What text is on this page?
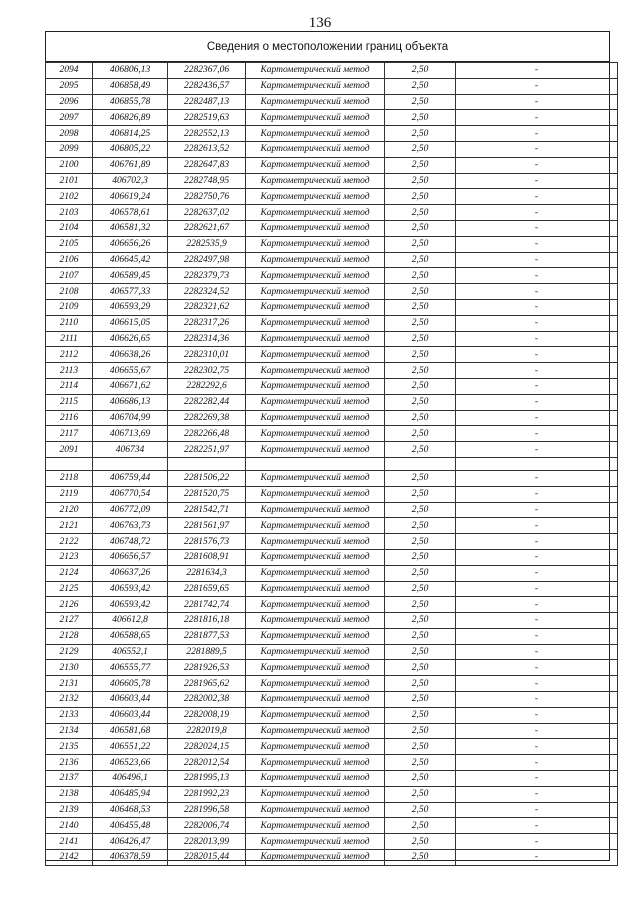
136
Сведения о местоположении границ объекта
2094	406806,13	2282367,06	Картометрический метод	2,50	-
2095	406858,49	2282436,57	Картометрический метод	2,50	-
2096	406855,78	2282487,13	Картометрический метод	2,50	-
2097	406826,89	2282519,63	Картометрический метод	2,50	-
2098	406814,25	2282552,13	Картометрический метод	2,50	-
2099	406805,22	2282613,52	Картометрический метод	2,50	-
2100	406761,89	2282647,83	Картометрический метод	2,50	-
2101	406702,3	2282748,95	Картометрический метод	2,50	-
2102	406619,24	2282750,76	Картометрический метод	2,50	-
2103	406578,61	2282637,02	Картометрический метод	2,50	-
2104	406581,32	2282621,67	Картометрический метод	2,50	-
2105	406656,26	2282535,9	Картометрический метод	2,50	-
2106	406645,42	2282497,98	Картометрический метод	2,50	-
2107	406589,45	2282379,73	Картометрический метод	2,50	-
2108	406577,33	2282324,52	Картометрический метод	2,50	-
2109	406593,29	2282321,62	Картометрический метод	2,50	-
2110	406615,05	2282317,26	Картометрический метод	2,50	-
2111	406626,65	2282314,36	Картометрический метод	2,50	-
2112	406638,26	2282310,01	Картометрический метод	2,50	-
2113	406655,67	2282302,75	Картометрический метод	2,50	-
2114	406671,62	2282292,6	Картометрический метод	2,50	-
2115	406686,13	2282282,44	Картометрический метод	2,50	-
2116	406704,99	2282269,38	Картометрический метод	2,50	-
2117	406713,69	2282266,48	Картометрический метод	2,50	-
2091	406734	2282251,97	Картометрический метод	2,50	-

2118	406759,44	2281506,22	Картометрический метод	2,50	-
2119	406770,54	2281520,75	Картометрический метод	2,50	-
2120	406772,09	2281542,71	Картометрический метод	2,50	-
2121	406763,73	2281561,97	Картометрический метод	2,50	-
2122	406748,72	2281576,73	Картометрический метод	2,50	-
2123	406656,57	2281608,91	Картометрический метод	2,50	-
2124	406637,26	2281634,3	Картометрический метод	2,50	-
2125	406593,42	2281659,65	Картометрический метод	2,50	-
2126	406593,42	2281742,74	Картометрический метод	2,50	-
2127	406612,8	2281816,18	Картометрический метод	2,50	-
2128	406588,65	2281877,53	Картометрический метод	2,50	-
2129	406552,1	2281889,5	Картометрический метод	2,50	-
2130	406555,77	2281926,53	Картометрический метод	2,50	-
2131	406605,78	2281965,62	Картометрический метод	2,50	-
2132	406603,44	2282002,38	Картометрический метод	2,50	-
2133	406603,44	2282008,19	Картометрический метод	2,50	-
2134	406581,68	2282019,8	Картометрический метод	2,50	-
2135	406551,22	2282024,15	Картометрический метод	2,50	-
2136	406523,66	2282012,54	Картометрический метод	2,50	-
2137	406496,1	2281995,13	Картометрический метод	2,50	-
2138	406485,94	2281992,23	Картометрический метод	2,50	-
2139	406468,53	2281996,58	Картометрический метод	2,50	-
2140	406455,48	2282006,74	Картометрический метод	2,50	-
2141	406426,47	2282013,99	Картометрический метод	2,50	-
2142	406378,59	2282015,44	Картометрический метод	2,50	-
